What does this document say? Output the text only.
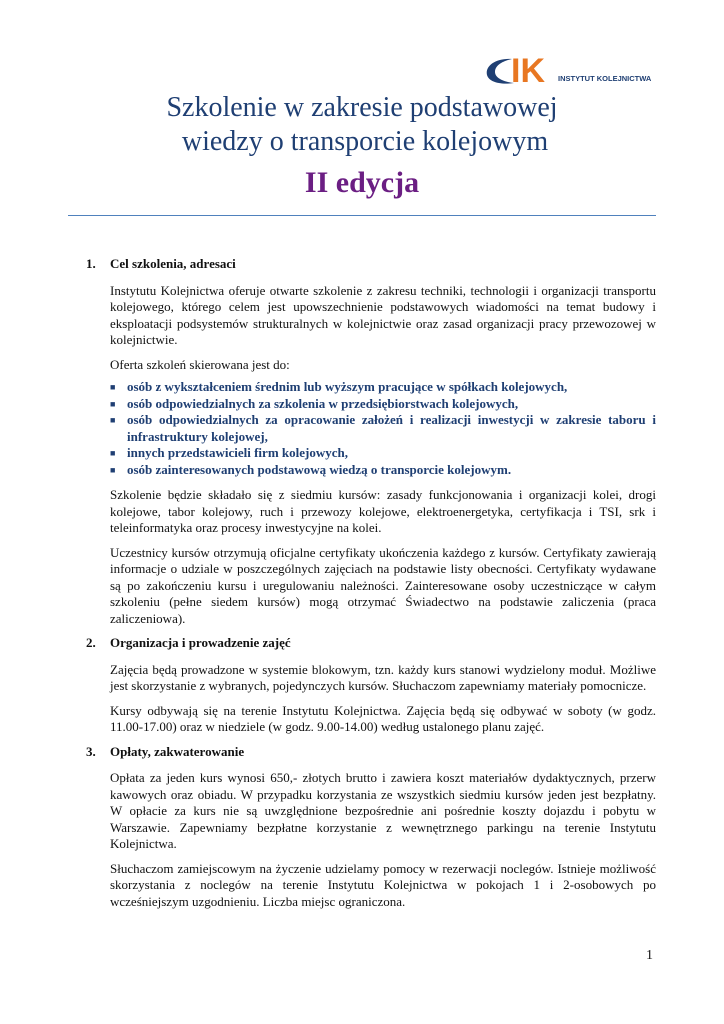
IK INSTYTUT KOLEJNICTWA
Szkolenie w zakresie podstawowej
wiedzy o transporcie kolejowym
II edycja
1.	Cel szkolenia, adresaci

Instytutu Kolejnictwa oferuje otwarte szkolenie z zakresu techniki, technologii i organizacji transportu kolejowego, którego celem jest upowszechnienie podstawowych wiadomości na temat budowy i eksploatacji podsystemów strukturalnych w kolejnictwie oraz zasad organizacji pracy przewozowej w kolejnictwie.

Oferta szkoleń skierowana jest do:

■ osób z wykształceniem średnim lub wyższym pracujące w spółkach kolejowych,
■ osób odpowiedzialnych za szkolenia w przedsiębiorstwach kolejowych,
■ osób odpowiedzialnych za opracowanie założeń i realizacji inwestycji w zakresie taboru i infrastruktury kolejowej,
■ innych przedstawicieli firm kolejowych,
■ osób zainteresowanych podstawową wiedzą o transporcie kolejowym.

Szkolenie będzie składało się z siedmiu kursów: zasady funkcjonowania i organizacji kolei, drogi kolejowe, tabor kolejowy, ruch i przewozy kolejowe, elektroenergetyka, certyfikacja i TSI, srk i teleinformatyka oraz procesy inwestycyjne na kolei.

Uczestnicy kursów otrzymują oficjalne certyfikaty ukończenia każdego z kursów. Certyfikaty zawierają informacje o udziale w poszczególnych zajęciach na podstawie listy obecności. Certyfikaty wydawane są po zakończeniu kursu i uregulowaniu należności. Zainteresowane osoby uczestniczące w całym szkoleniu (pełne siedem kursów) mogą otrzymać Świadectwo na podstawie zaliczenia (praca zaliczeniowa).

2.	Organizacja i prowadzenie zajęć

Zajęcia będą prowadzone w systemie blokowym, tzn. każdy kurs stanowi wydzielony moduł. Możliwe jest skorzystanie z wybranych, pojedynczych kursów. Słuchaczom zapewniamy materiały pomocnicze.

Kursy odbywają się na terenie Instytutu Kolejnictwa. Zajęcia będą się odbywać w soboty (w godz. 11.00-17.00) oraz w niedziele (w godz. 9.00-14.00) według ustalonego planu zajęć.

3.	Opłaty, zakwaterowanie

Opłata za jeden kurs wynosi 650,- złotych brutto i zawiera koszt materiałów dydaktycznych, przerw kawowych oraz obiadu. W przypadku korzystania ze wszystkich siedmiu kursów jeden jest bezpłatny. W opłacie za kurs nie są uwzględnione bezpośrednie ani pośrednie koszty dojazdu i pobytu w Warszawie. Zapewniamy bezpłatne korzystanie z wewnętrznego parkingu na terenie Instytutu Kolejnictwa.

Słuchaczom zamiejscowym na życzenie udzielamy pomocy w rezerwacji noclegów. Istnieje możliwość skorzystania z noclegów na terenie Instytutu Kolejnictwa w pokojach 1 i 2-osobowych po wcześniejszym uzgodnieniu. Liczba miejsc ograniczona.

1
